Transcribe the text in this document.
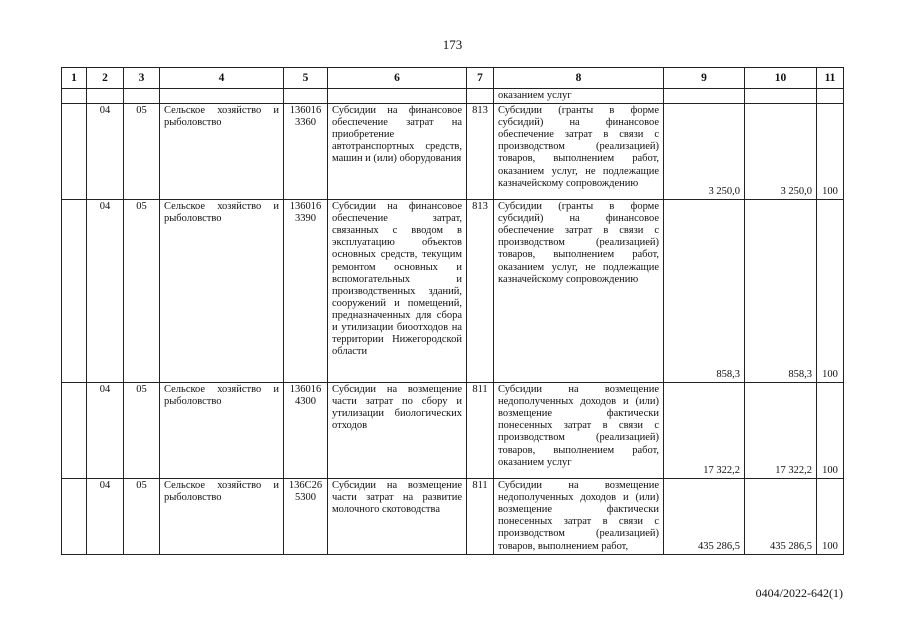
173
1	2	3	4	5	6	7	8	9	10	11
							оказанием услуг			
	04	05	Сельское хозяйство и рыболовство	136016 3360	Субсидии на финансовое обеспечение затрат на приобретение автотранспортных средств, машин и (или) оборудования	813	Субсидии (гранты в форме субсидий) на финансовое обеспечение затрат в связи с производством (реализацией) товаров, выполнением работ, оказанием услуг, не подлежащие казначейскому сопровождению	3 250,0	3 250,0	100
	04	05	Сельское хозяйство и рыболовство	136016 3390	Субсидии на финансовое обеспечение затрат, связанных с вводом в эксплуатацию объектов основных средств, текущим ремонтом основных и вспомогательных и производственных зданий, сооружений и помещений, предназначенных для сбора и утилизации биоотходов на территории Нижегородской области	813	Субсидии (гранты в форме субсидий) на финансовое обеспечение затрат в связи с производством (реализацией) товаров, выполнением работ, оказанием услуг, не подлежащие казначейскому сопровождению	858,3	858,3	100
	04	05	Сельское хозяйство и рыболовство	136016 4300	Субсидии на возмещение части затрат по сбору и утилизации биологических отходов	811	Субсидии на возмещение недополученных доходов и (или) возмещение фактически понесенных затрат в связи с производством (реализацией) товаров, выполнением работ, оказанием услуг	17 322,2	17 322,2	100
	04	05	Сельское хозяйство и рыболовство	136C26 5300	Субсидии на возмещение части затрат на развитие молочного скотоводства	811	Субсидии на возмещение недополученных доходов и (или) возмещение фактически понесенных затрат в связи с производством (реализацией) товаров, выполнением работ,	435 286,5	435 286,5	100
0404/2022-642(1)
